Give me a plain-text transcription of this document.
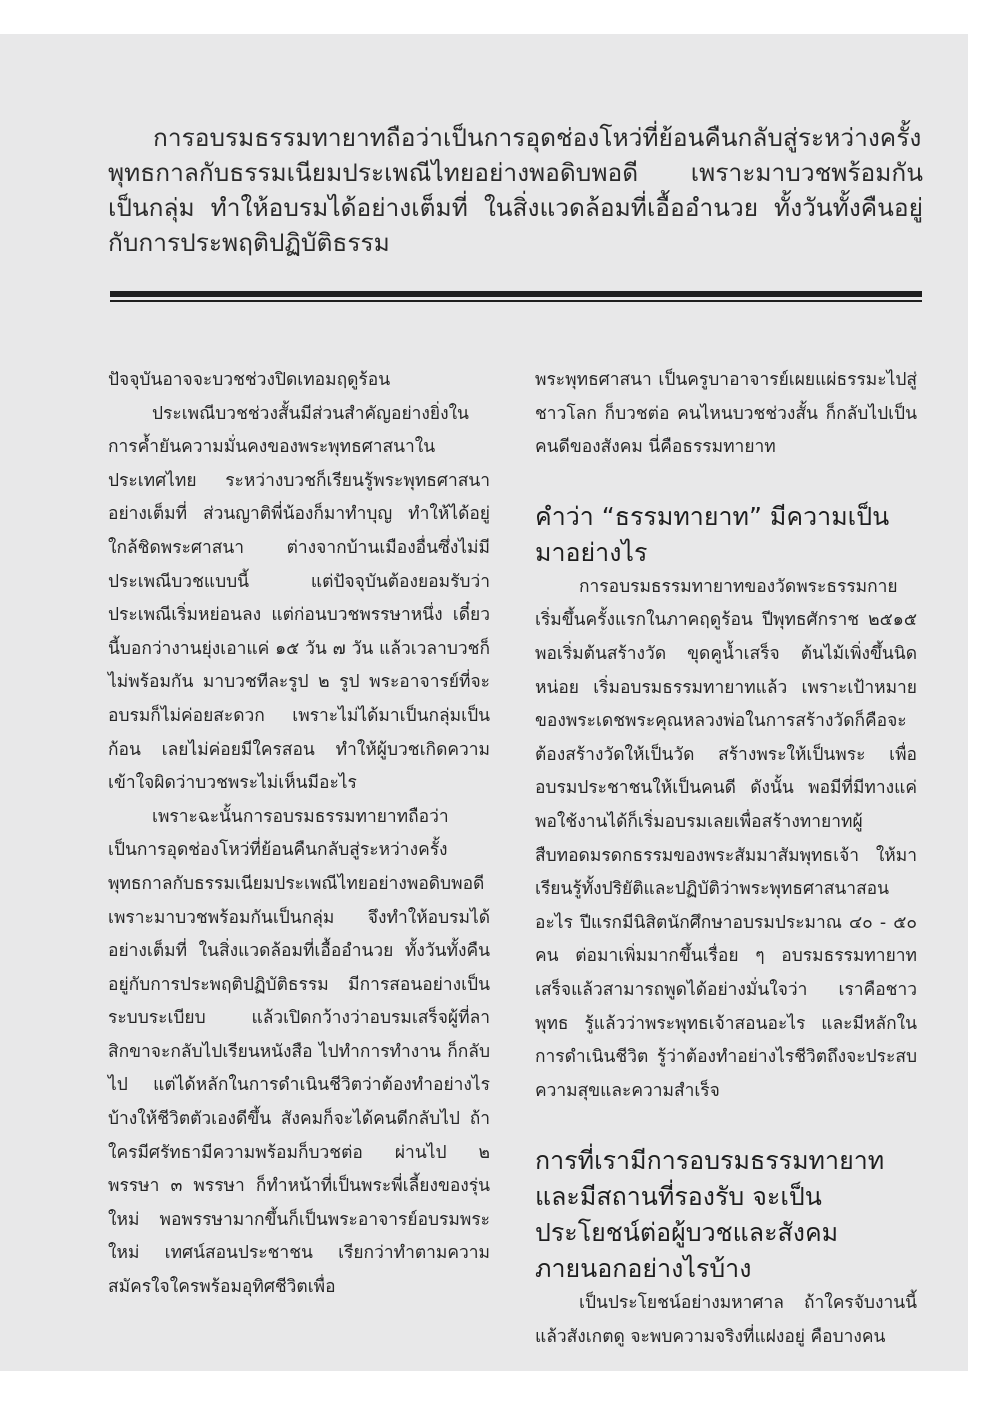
การอบรมธรรมทายาทถือว่าเป็นการอุดช่องโหว่ที่ย้อนคืนกลับสู่ระหว่างครั้งพุทธกาลกับธรรมเนียมประเพณีไทยอย่างพอดิบพอดี เพราะมาบวชพร้อมกันเป็นกลุ่ม ทำให้อบรมได้อย่างเต็มที่ ในสิ่งแวดล้อมที่เอื้ออำนวย ทั้งวันทั้งคืนอยู่กับการประพฤติปฏิบัติธรรม

ปัจจุบันอาจจะบวชช่วงปิดเทอมฤดูร้อน

ประเพณีบวชช่วงสั้นมีส่วนสำคัญอย่างยิ่งในการค้ำยันความมั่นคงของพระพุทธศาสนาในประเทศไทย ระหว่างบวชก็เรียนรู้พระพุทธศาสนาอย่างเต็มที่ ส่วนญาติพี่น้องก็มาทำบุญ ทำให้ได้อยู่ใกล้ชิดพระศาสนา ต่างจากบ้านเมืองอื่นซึ่งไม่มีประเพณีบวชแบบนี้ แต่ปัจจุบันต้องยอมรับว่าประเพณีเริ่มหย่อนลง แต่ก่อนบวชพรรษาหนึ่ง เดี๋ยวนี้บอกว่างานยุ่งเอาแค่ ๑๕ วัน ๗ วัน แล้วเวลาบวชก็ไม่พร้อมกัน มาบวชทีละรูป ๒ รูป พระอาจารย์ที่จะอบรมก็ไม่ค่อยสะดวก เพราะไม่ได้มาเป็นกลุ่มเป็นก้อน เลยไม่ค่อยมีใครสอน ทำให้ผู้บวชเกิดความเข้าใจผิดว่าบวชพระไม่เห็นมีอะไร

เพราะฉะนั้นการอบรมธรรมทายาทถือว่าเป็นการอุดช่องโหว่ที่ย้อนคืนกลับสู่ระหว่างครั้งพุทธกาลกับธรรมเนียมประเพณีไทยอย่างพอดิบพอดี เพราะมาบวชพร้อมกันเป็นกลุ่ม จึงทำให้อบรมได้อย่างเต็มที่ ในสิ่งแวดล้อมที่เอื้ออำนวย ทั้งวันทั้งคืนอยู่กับการประพฤติปฏิบัติธรรม มีการสอนอย่างเป็นระบบระเบียบ แล้วเปิดกว้างว่าอบรมเสร็จผู้ที่ลาสิกขาจะกลับไปเรียนหนังสือ ไปทำการทำงาน ก็กลับไป แต่ได้หลักในการดำเนินชีวิตว่าต้องทำอย่างไรบ้างให้ชีวิตตัวเองดีขึ้น สังคมก็จะได้คนดีกลับไป ถ้าใครมีศรัทธามีความพร้อมก็บวชต่อ ผ่านไป ๒ พรรษา ๓ พรรษา ก็ทำหน้าที่เป็นพระพี่เลี้ยงของรุ่นใหม่ พอพรรษามากขึ้นก็เป็นพระอาจารย์อบรมพระใหม่ เทศน์สอนประชาชน เรียกว่าทำตามความสมัครใจใครพร้อมอุทิศชีวิตเพื่อ

พระพุทธศาสนา เป็นครูบาอาจารย์เผยแผ่ธรรมะไปสู่ชาวโลก ก็บวชต่อ คนไหนบวชช่วงสั้น ก็กลับไปเป็นคนดีของสังคม นี่คือธรรมทายาท

คำว่า “ธรรมทายาท” มีความเป็นมาอย่างไร

การอบรมธรรมทายาทของวัดพระธรรมกายเริ่มขึ้นครั้งแรกในภาคฤดูร้อน ปีพุทธศักราช ๒๕๑๕ พอเริ่มต้นสร้างวัด ขุดคูน้ำเสร็จ ต้นไม้เพิ่งขึ้นนิดหน่อย เริ่มอบรมธรรมทายาทแล้ว เพราะเป้าหมายของพระเดชพระคุณหลวงพ่อในการสร้างวัดก็คือจะต้องสร้างวัดให้เป็นวัด สร้างพระให้เป็นพระ เพื่ออบรมประชาชนให้เป็นคนดี ดังนั้น พอมีที่มีทางแค่พอใช้งานได้ก็เริ่มอบรมเลยเพื่อสร้างทายาทผู้สืบทอดมรดกธรรมของพระสัมมาสัมพุทธเจ้า ให้มาเรียนรู้ทั้งปริยัติและปฏิบัติว่าพระพุทธศาสนาสอนอะไร ปีแรกมีนิสิตนักศึกษาอบรมประมาณ ๔๐ - ๕๐ คน ต่อมาเพิ่มมากขึ้นเรื่อย ๆ อบรมธรรมทายาทเสร็จแล้วสามารถพูดได้อย่างมั่นใจว่า เราคือชาวพุทธ รู้แล้วว่าพระพุทธเจ้าสอนอะไร และมีหลักในการดำเนินชีวิต รู้ว่าต้องทำอย่างไรชีวิตถึงจะประสบความสุขและความสำเร็จ

การที่เรามีการอบรมธรรมทายาทและมีสถานที่รองรับ จะเป็นประโยชน์ต่อผู้บวชและสังคมภายนอกอย่างไรบ้าง

เป็นประโยชน์อย่างมหาศาล ถ้าใครจับงานนี้แล้วสังเกตดู จะพบความจริงที่แฝงอยู่ คือบางคน
